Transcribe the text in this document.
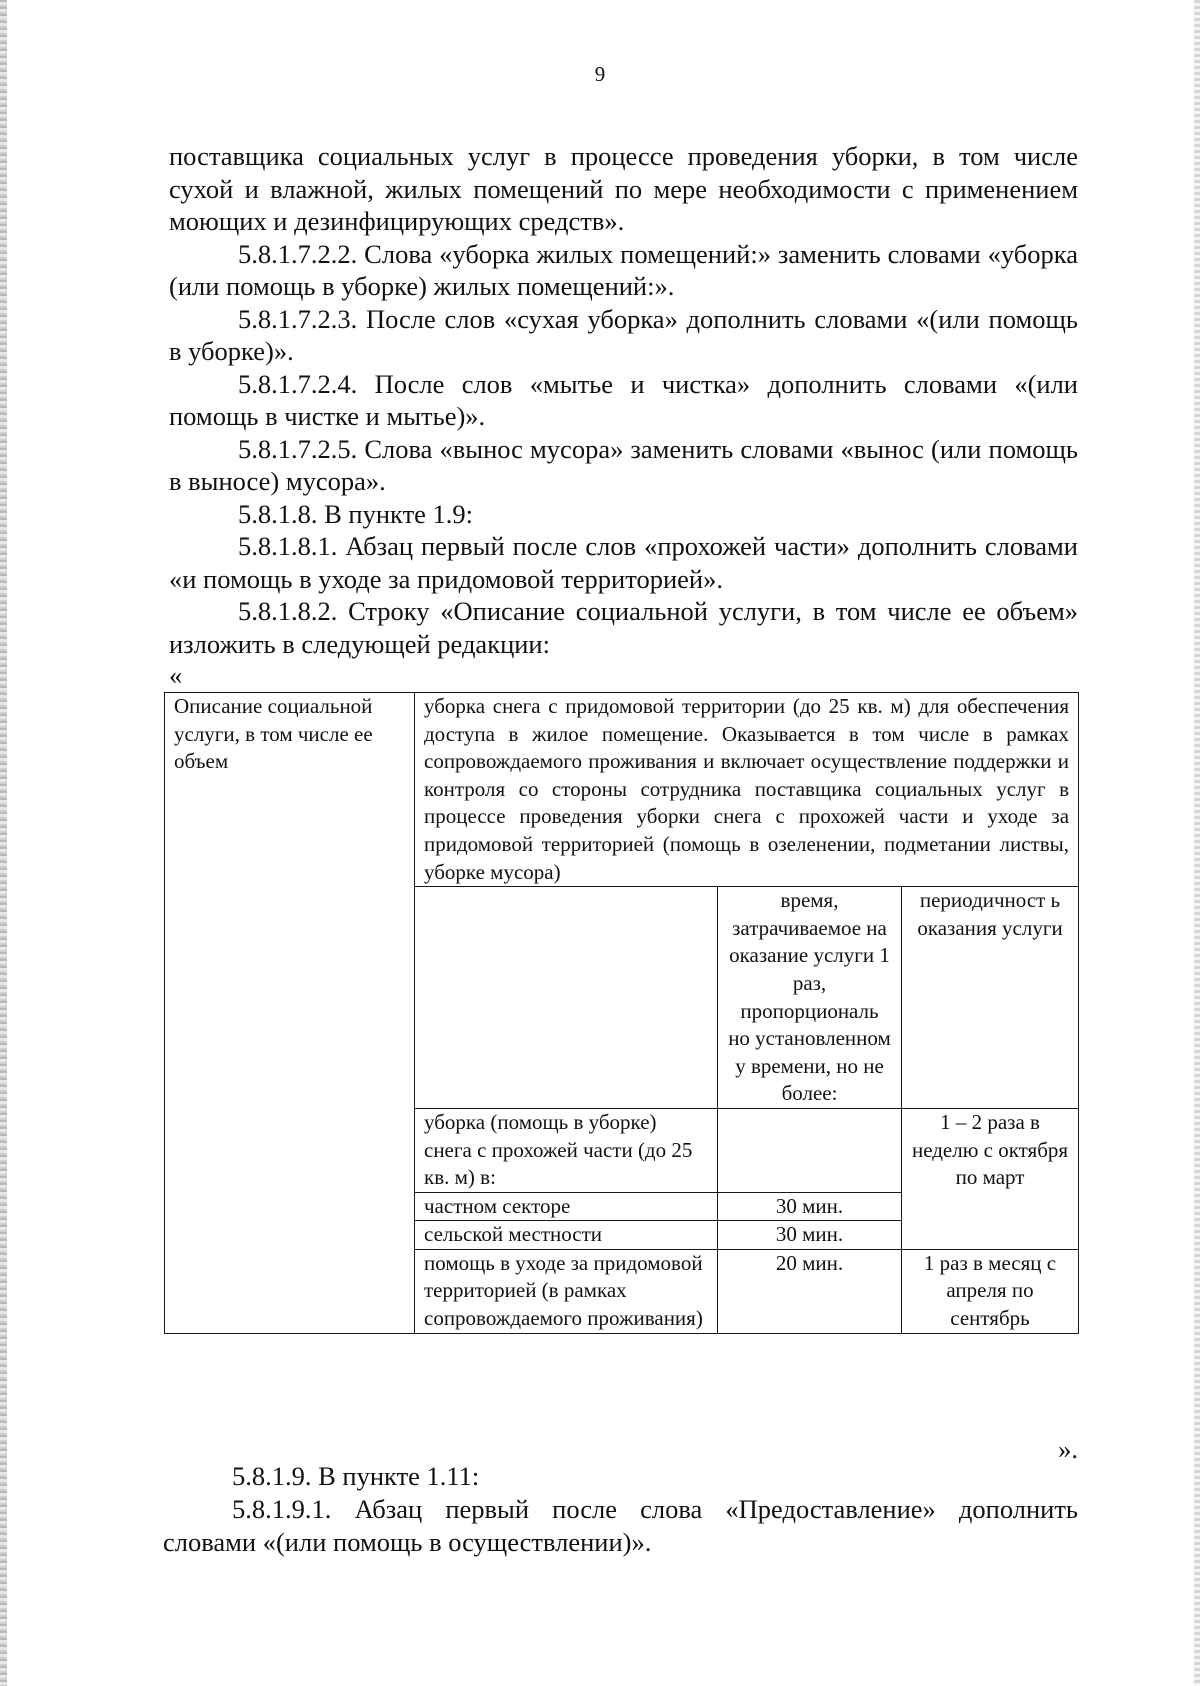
9

поставщика социальных услуг в процессе проведения уборки, в том числе сухой и влажной, жилых помещений по мере необходимости с применением моющих и дезинфицирующих средств».

5.8.1.7.2.2. Слова «уборка жилых помещений:» заменить словами «уборка (или помощь в уборке) жилых помещений:».

5.8.1.7.2.3. После слов «сухая уборка» дополнить словами «(или помощь в уборке)».

5.8.1.7.2.4. После слов «мытье и чистка» дополнить словами «(или помощь в чистке и мытье)».

5.8.1.7.2.5. Слова «вынос мусора» заменить словами «вынос (или помощь в выносе) мусора».

5.8.1.8. В пункте 1.9:

5.8.1.8.1. Абзац первый после слов «прохожей части» дополнить словами «и помощь в уходе за придомовой территорией».

5.8.1.8.2. Строку «Описание социальной услуги, в том числе ее объем» изложить в следующей редакции:

«

Описание социальной услуги, в том числе ее объем	уборка снега с придомовой территории (до 25 кв. м) для обеспечения доступа в жилое помещение. Оказывается в том числе в рамках сопровождаемого проживания и включает осуществление поддержки и контроля со стороны сотрудника поставщика социальных услуг в процессе проведения уборки снега с прохожей части и уходе за придомовой территорией (помощь в озеленении, подметании листвы, уборке мусора)		
		время, затрачиваемое на оказание услуги 1 раз, пропорциональ но установленном у времени, но не более:	периодичност ь оказания услуги
	уборка (помощь в уборке) снега с прохожей части (до 25 кв. м) в:		1 – 2 раза в неделю с октября по март
	частном секторе	30 мин.	
	сельской местности	30 мин.	
	помощь в уходе за придомовой территорией (в рамках сопровождаемого проживания)	20 мин.	1 раз в месяц с апреля по сентябрь
».

5.8.1.9. В пункте 1.11:

5.8.1.9.1. Абзац первый после слова «Предоставление» дополнить словами «(или помощь в осуществлении)».
